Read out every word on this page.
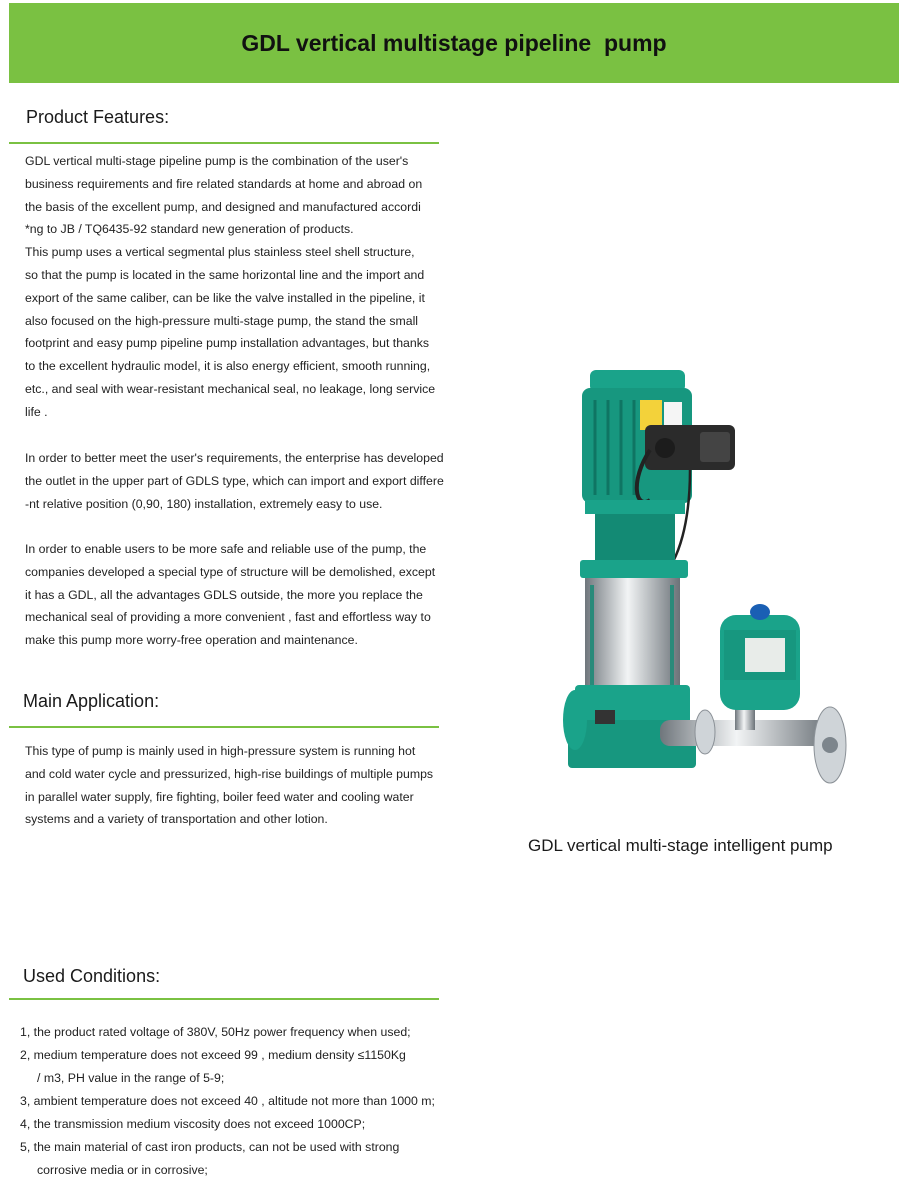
GDL vertical multistage pipeline  pump
Product Features:

GDL vertical multi-stage pipeline pump is the combination of the user's
business requirements and fire related standards at home and abroad on
the basis of the excellent pump, and designed and manufactured accordi
*ng to JB / TQ6435-92 standard new generation of products.
This pump uses a vertical segmental plus stainless steel shell structure,
so that the pump is located in the same horizontal line and the import and
export of the same caliber, can be like the valve installed in the pipeline, it
also focused on the high-pressure multi-stage pump, the stand the small
footprint and easy pump pipeline pump installation advantages, but thanks
to the excellent hydraulic model, it is also energy efficient, smooth running,
etc., and seal with wear-resistant mechanical seal, no leakage, long service
life .

In order to better meet the user's requirements, the enterprise has developed
the outlet in the upper part of GDLS type, which can import and export differe
-nt relative position (0,90, 180) installation, extremely easy to use.

In order to enable users to be more safe and reliable use of the pump, the
companies developed a special type of structure will be demolished, except
it has a GDL, all the advantages GDLS outside, the more you replace the
mechanical seal of providing a more convenient , fast and effortless way to
make this pump more worry-free operation and maintenance.

Main Application:
This type of pump is mainly used in high-pressure system is running hot
and cold water cycle and pressurized, high-rise buildings of multiple pumps
in parallel water supply, fire fighting, boiler feed water and cooling water
systems and a variety of transportation and other lotion.
GDL vertical multi-stage intelligent pump
Used Conditions:
1, the product rated voltage of 380V, 50Hz power frequency when used;
2, medium temperature does not exceed 99 , medium density ≤1150Kg
/ m3, PH value in the range of 5-9;
3, ambient temperature does not exceed 40 , altitude not more than 1000 m;
4, the transmission medium viscosity does not exceed 1000CP;
5, the main material of cast iron products, can not be used with strong
corrosive media or in corrosive;
